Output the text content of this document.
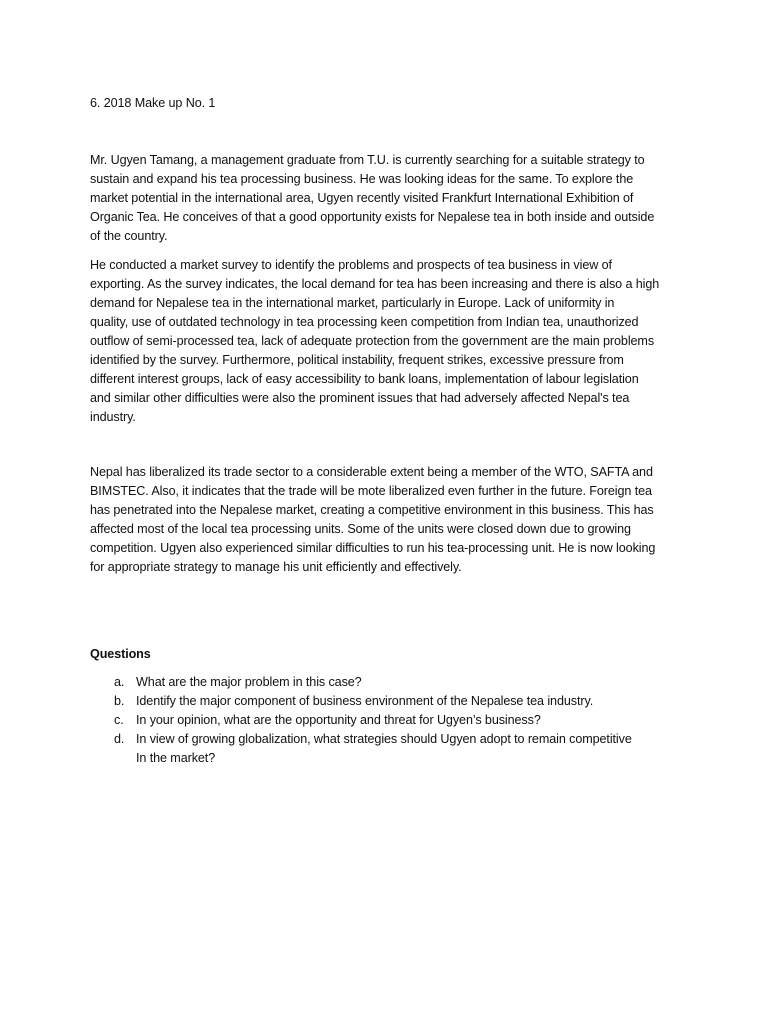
6. 2018 Make up No. 1
Mr. Ugyen Tamang, a management graduate from T.U. is currently searching for a suitable strategy to
sustain and expand his tea processing business. He was looking ideas for the same. To explore the
market potential in the international area, Ugyen recently visited Frankfurt International Exhibition of
Organic Tea. He conceives of that a good opportunity exists for Nepalese tea in both inside and outside
of the country.
He conducted a market survey to identify the problems and prospects of tea business in view of
exporting. As the survey indicates, the local demand for tea has been increasing and there is also a high
demand for Nepalese tea in the international market, particularly in Europe. Lack of uniformity in
quality, use of outdated technology in tea processing keen competition from Indian tea, unauthorized
outflow of semi-processed tea, lack of adequate protection from the government are the main problems
identified by the survey. Furthermore, political instability, frequent strikes, excessive pressure from
different interest groups, lack of easy accessibility to bank loans, implementation of labour legislation
and similar other difficulties were also the prominent issues that had adversely affected Nepal's tea
industry.
Nepal has liberalized its trade sector to a considerable extent being a member of the WTO, SAFTA and
BIMSTEC. Also, it indicates that the trade will be mote liberalized even further in the future. Foreign tea
has penetrated into the Nepalese market, creating a competitive environment in this business. This has
affected most of the local tea processing units. Some of the units were closed down due to growing
competition. Ugyen also experienced similar difficulties to run his tea-processing unit. He is now looking
for appropriate strategy to manage his unit efficiently and effectively.
Questions
a. What are the major problem in this case?
b. Identify the major component of business environment of the Nepalese tea industry.
c. In your opinion, what are the opportunity and threat for Ugyen’s business?
d. In view of growing globalization, what strategies should Ugyen adopt to remain competitive
In the market?
